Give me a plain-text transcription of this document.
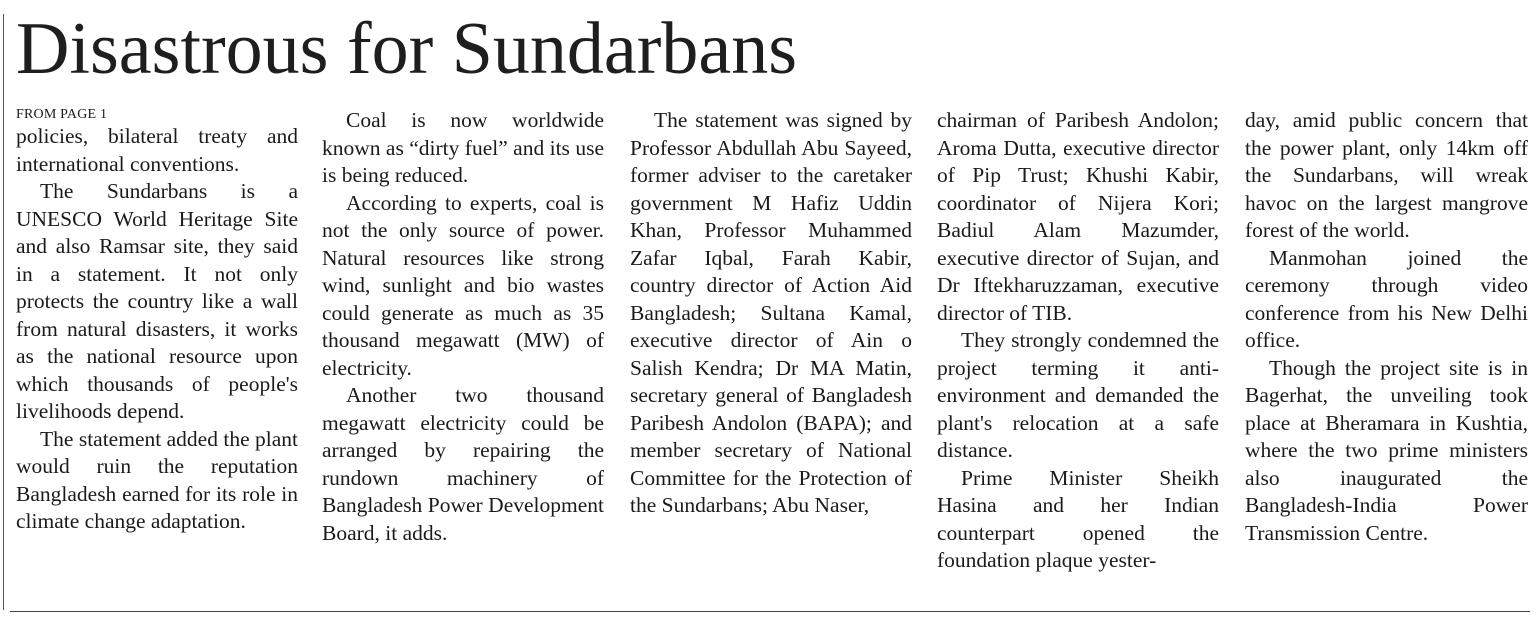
Disastrous for Sundarbans
FROM PAGE 1

policies, bilateral treaty and international conventions.

The Sundarbans is a UNESCO World Heritage Site and also Ramsar site, they said in a statement. It not only protects the country like a wall from natural disasters, it works as the national resource upon which thousands of people's livelihoods depend.

The statement added the plant would ruin the reputation Bangladesh earned for its role in climate change adaptation.

Coal is now worldwide known as “dirty fuel” and its use is being reduced.

According to experts, coal is not the only source of power. Natural resources like strong wind, sunlight and bio wastes could generate as much as 35 thousand megawatt (MW) of electricity.

Another two thousand megawatt electricity could be arranged by repairing the rundown machinery of Bangladesh Power Development Board, it adds.

The statement was signed by Professor Abdullah Abu Sayeed, former adviser to the caretaker government M Hafiz Uddin Khan, Professor Muhammed Zafar Iqbal, Farah Kabir, country director of Action Aid Bangladesh; Sultana Kamal, executive director of Ain o Salish Kendra; Dr MA Matin, secretary general of Bangladesh Paribesh Andolon (BAPA); and member secretary of National Committee for the Protection of the Sundarbans; Abu Naser,

chairman of Paribesh Andolon; Aroma Dutta, executive director of Pip Trust; Khushi Kabir, coordinator of Nijera Kori; Badiul Alam Mazumder, executive director of Sujan, and Dr Iftekharuzzaman, executive director of TIB.

They strongly condemned the project terming it anti-environment and demanded the plant's relocation at a safe distance.

Prime Minister Sheikh Hasina and her Indian counterpart opened the foundation plaque yester-

day, amid public concern that the power plant, only 14km off the Sundarbans, will wreak havoc on the largest mangrove forest of the world.

Manmohan joined the ceremony through video conference from his New Delhi office.

Though the project site is in Bagerhat, the unveiling took place at Bheramara in Kushtia, where the two prime ministers also inaugurated the Bangladesh-India Power Transmission Centre.
